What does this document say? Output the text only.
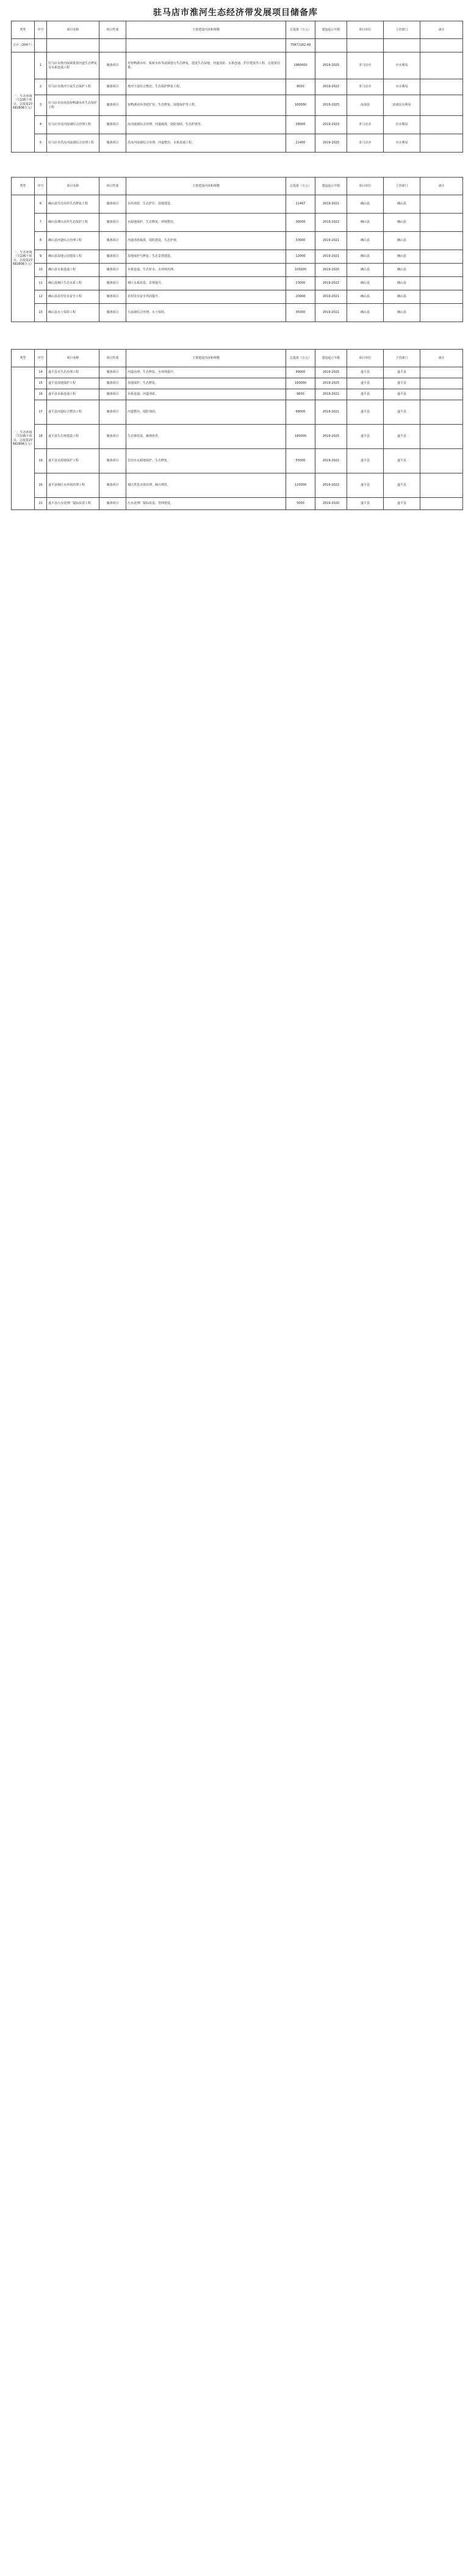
驻马店市淮河生态经济带发展项目储备库
类型	序号	项目名称	项目性质	主要建设内容和规模	总投资（万元）	建设起止年限	项目单位	主管部门	备注
合计（204个）					75871182.49				
一、生态环境（共136个项目，总投资27682806万元）	1	驻马店市淮河流域重要河道生态修复及水系连通工程	储备项目	对宿鸭湖水库、板桥水库等流域进行生态修复，建设生态湿地、河道清淤、水系连通、护岸建设等工程，总投资估算。	1960000	2019-2025	驻马店市	市水利局	
	2	驻马店市淮河干流生态保护工程	储备项目	淮河干流综合整治、生态保护修复工程。	8000	2019-2022	驻马店市	市水利局	
	3	驻马店市汝南县宿鸭湖水库生态保护工程	储备项目	宿鸭湖水库清淤扩容、生态修复、湿地保护等工程。	160000	2019-2025	汝南县	汝南县水利局	
	4	驻马店市汝河流域综合治理工程	储备项目	汝河流域综合治理，河道疏浚、堤防加固、生态护坡等。	28000	2019-2023	驻马店市	市水利局	
	5	驻马店市洪汝河流域综合治理工程	储备项目	洪汝河流域综合治理，河道整治、水系连通工程。	21400	2019-2025	驻马店市	市水利局	
类型	序号	项目名称	项目性质	主要建设内容和规模	总投资（万元）	建设起止年限	项目单位	主管部门	备注
一、生态环境（共136个项目，总投资27682806万元）	6	确山县竹沟水库生态修复工程	储备项目	水库清淤、生态护岸、湿地建设。	11467	2019-2021	确山县	确山县	
	7	确山县薄山水库生态保护工程	储备项目	水源地保护、生态修复、环境整治。	36000	2019-2022	确山县	确山县	
	8	确山县河道综合治理工程	储备项目	河道清淤疏浚、堤防建设、生态护坡。	33000	2019-2021	确山县	确山县	
	9	确山县湿地公园建设工程	储备项目	湿地保护与修复、生态景观建设。	12000	2019-2021	确山县	确山县	
	10	确山县水系连通工程	储备项目	水系连通、生态补水、水环境治理。	105000	2019-2025	确山县	确山县	
	11	确山县城区生态水系工程	储备项目	城区水系改造、景观提升。	23000	2019-2022	确山县	确山县	
	12	确山县农村饮水安全工程	储备项目	农村饮水安全巩固提升。	20000	2019-2021	确山县	确山县	
	13	确山县水土保持工程	储备项目	小流域综合治理、水土保持。	35000	2019-2021	确山县	确山县	
类型	序号	项目名称	项目性质	主要建设内容和规模	总投资（万元）	建设起止年限	项目单位	主管部门	备注
一、生态环境（共136个项目，总投资27682806万元）	14	遂平县水生态治理工程	储备项目	河道治理、生态修复、水环境提升。	49000	2019-2025	遂平县	遂平县	
	15	遂平县湿地保护工程	储备项目	湿地保护、生态修复。	160000	2019-2025	遂平县	遂平县	
	16	遂平县水系连通工程	储备项目	水系连通、河道清淤。	9600	2019-2021	遂平县	遂平县	
	17	遂平县河道综合整治工程	储备项目	河道整治、堤防加固。	68000	2019-2021	遂平县	遂平县	
	18	遂平县生态林建设工程	储备项目	生态林营造、森林抚育。	180000	2019-2025	遂平县	遂平县	
	19	遂平县水源地保护工程	储备项目	饮用水水源地保护、生态修复。	55000	2019-2022	遂平县	遂平县	
	20	遂平县城区水环境治理工程	储备项目	城区黑臭水体治理、截污纳管。	120000	2019-2022	遂平县	遂平县	
	21	遂平县污水处理厂提标改造工程	储备项目	污水处理厂提标改造、管网建设。	5000	2019-2020	遂平县	遂平县	
